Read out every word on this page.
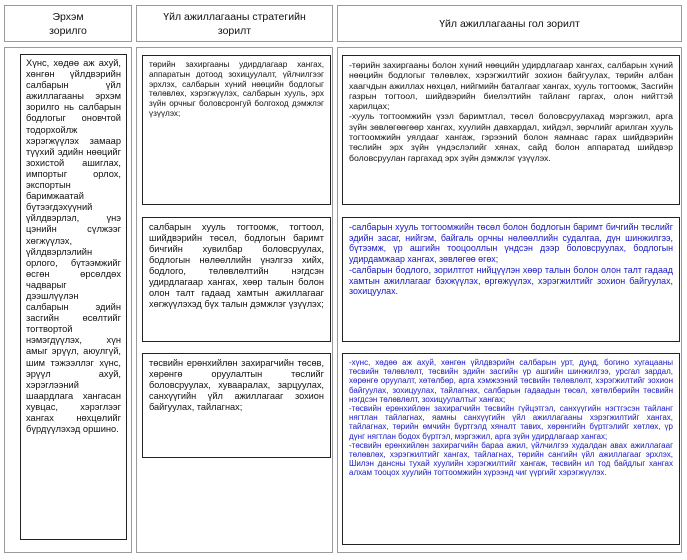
Эрхэм
зорилго
Үйл ажиллагааны стратегийн
зорилт
Үйл ажиллагааны гол зорилт

Хүнс, хөдөө аж ахуй, хөнгөн үйлдвэрийн салбарын үйл ажиллагааны эрхэм зорилго нь салбарын бодлогыг оновчтой тодорхойлж хэрэгжүүлэх замаар түүхий эдийн нөөцийг зохистой ашиглах, импортыг орлох, экспортын баримжаатай бүтээгдэхүүний үйлдвэрлэл, үнэ цэнийн сүлжээг хөгжүүлэх, үйлдвэрлэлийн орлого, бүтээмжийг өсгөн өрсөлдөх чадварыг дээшлүүлэн салбарын эдийн засгийн өсөлтийг тогтвортой нэмэгдүүлэх, хүн амыг эрүүл, аюулгүй, шим тэжээллэг хүнс, эрүүл ахуй, хэрэглээний шаардлага хангасан хувцас, хэрэглээг хангах нөхцөлийг бүрдүүлэхэд оршино.

төрийн захиргааны удирдлагаар хангах, аппаратын дотоод зохицуулалт, үйлчилгээг эрхлэх, салбарын хүний нөөцийн бодлогыг төлөвлөх, хэрэгжүүлэх, салбарын хууль, эрх зүйн орчныг боловсронгуй болгоход дэмжлэг үзүүлэх;

салбарын хууль тогтоомж, тогтоол, шийдвэрийн төсөл, бодлогын баримт бичгийн хувилбар боловсруулах, бодлогын нөлөөллийн үнэлгээ хийх, бодлого, төлөвлөлтийн нэгдсэн удирдлагаар хангах, хөөр талын болон олон талт гадаад хамтын ажиллагааг хөгжүүлэхэд бүх талын дэмжлэг үзүүлэх;

төсвийн ерөнхийлөн захирагчийн төсөв, хөрөнгө оруулалтын төслийг боловсруулах, хувааралах, зарцуулах, санхүүгийн үйл ажиллагааг зохион байгуулах, тайлагнах;

-төрийн захиргааны болон хүний нөөцийн удирдлагаар хангах, салбарын хүний нөөцийн бодлогыг төлөвлөх, хэрэгжилтийг зохион байгуулах, төрийн албан хаагчдын ажиллах нөхцөл, нийгмийн баталгааг хангах, хууль тогтоомж, Засгийн газрын тогтоол, шийдвэрийн биелэлтийн тайланг гаргах, олон нийттэй харилцах;
-хууль тогтоомжийн үзэл баримтлал, төсөл боловсруулахад мэргэжил, арга зүйн зөвлөгөөгөөр хангах, хуулийн давхардал, хийдэл, зөрчлийг арилган хууль тогтоомжийн уялдааг хангаж, гэрээний болон яамнаас гарах шийдвэрийн төслийн эрх зүйн үндэслэлийг хянах, сайд болон аппаратад шийдвэр боловсруулан гаргахад эрх зүйн дэмжлэг үзүүлэх.

-салбарын хууль тогтоомжийн төсөл болон бодлогын баримт бичгийн төслийг эдийн засаг, нийгэм, байгаль орчны нөлөөллийн судалгаа, дүн шинжилгээ, бүтээмж, үр ашгийн тооцооллын үндсэн дээр боловсруулах, бодлогын удирдамжаар хангах, зөвлөгөө өгөх;
-салбарын бодлого, зорилтгот нийцүүлэн хөөр талын болон олон талт гадаад хамтын ажиллагааг бэхжүүлэх, өргөжүүлэх, хэрэгжилтийг зохион байгуулах, зохицуулах.

-хүнс, хөдөө аж ахуй, хөнгөн үйлдвэрийн салбарын урт, дунд, богино хугацааны төсвийн төлөвлөлт, төсвийн эдийн засгийн үр ашгийн шинжилгээ, урсгал зардал, хөрөнгө оруулалт, хөтөлбөр, арга хэмжээний төсвийн төлөвлөлт, хэрэгжилтийг зохион байгуулах, зохицуулах, тайлагнах, салбарын гадаадын төсөл, хөтөлбөрийн төсвийн нэгдсэн төлөвлөлт, зохицуулалтыг хангах;
-төсвийн ерөнхийлөн захирагчийн төсвийн гүйцэтгэл, санхүүгийн нэгтгэсэн тайланг нягтлан тайлагнах, яамны санхүүгийн үйл ажиллагааны хэрэгжилтийг хангах, тайлагнах, төрийн өмчийн бүртгэлд хяналт тавих, хөрөнгийн бүртгэлийг хөтлөх, үр дүнг нягтлан бодох бүртгэл, мэргэжил, арга зүйн удирдлагаар хангах;
-төсвийн ерөнхийлөн захирагчийн бараа ажил, үйлчилгээ худалдан авах ажиллагааг төлөвлөх, хэрэгжилтийг хангах, тайлагнах, төрийн сангийн үйл ажиллагааг эрхлэх, Шилэн дансны тухай хуулийн хэрэгжилтийг хангаж, төсвийн ил тод байдлыг хангах алхам тооцох хуулийн тогтоомжийн хүрээнд чиг үүргийг хэрэгжүүлэх.
